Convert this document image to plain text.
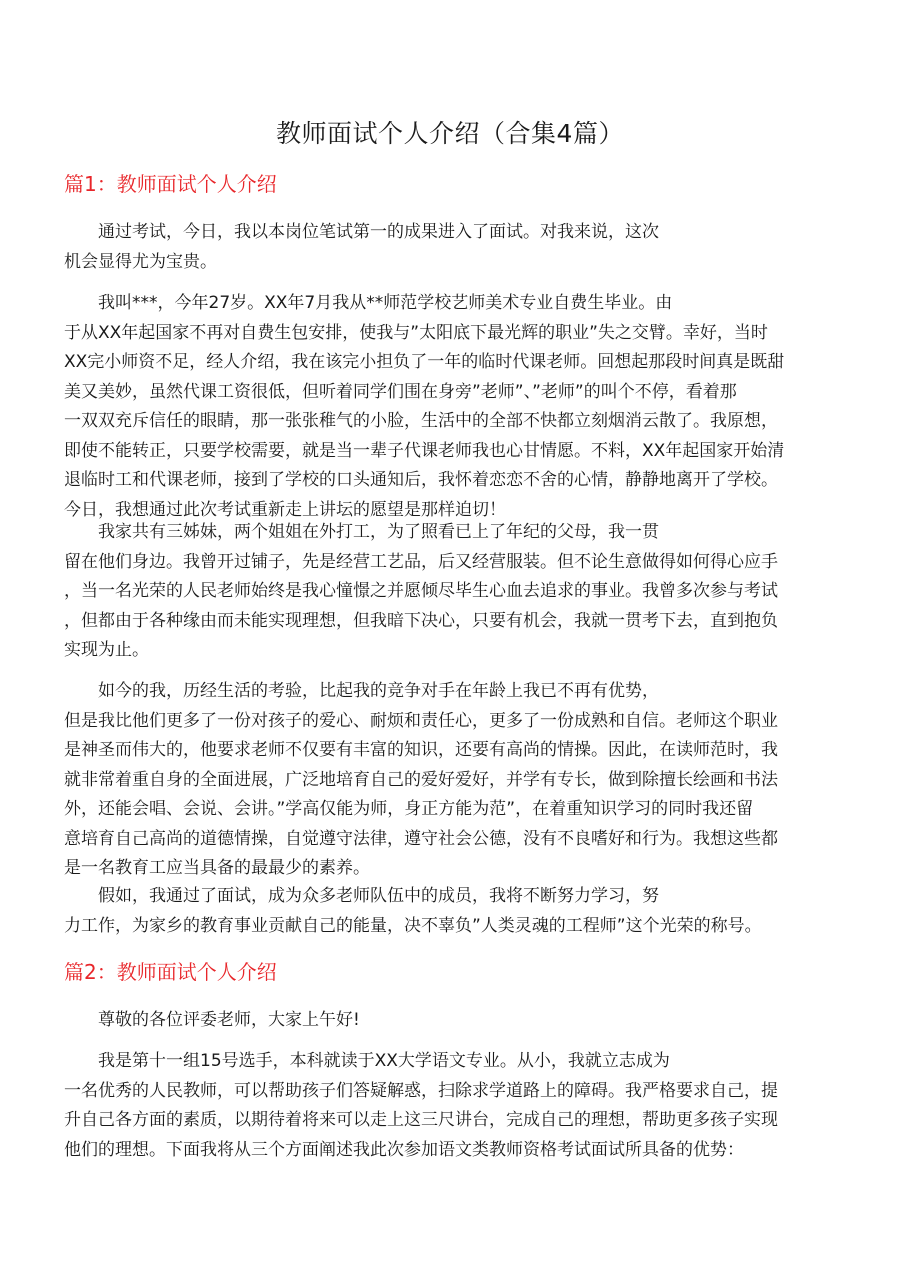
教师面试个人介绍（合集4篇）
篇1：教师面试个人介绍
通过考试，今日，我以本岗位笔试第一的成果进入了面试。对我来说，这次
机会显得尤为宝贵。
我叫***，今年27岁。XX年7月我从**师范学校艺师美术专业自费生毕业。由
于从XX年起国家不再对自费生包安排，使我与”太阳底下最光辉的职业”失之交臂。幸好，当时
XX完小师资不足，经人介绍，我在该完小担负了一年的临时代课老师。回想起那段时间真是既甜
美又美妙，虽然代课工资很低，但听着同学们围在身旁”老师”、”老师”的叫个不停，看着那
一双双充斥信任的眼睛，那一张张稚气的小脸，生活中的全部不快都立刻烟消云散了。我原想，
即使不能转正，只要学校需要，就是当一辈子代课老师我也心甘情愿。不料，XX年起国家开始清
退临时工和代课老师，接到了学校的口头通知后，我怀着恋恋不舍的心情，静静地离开了学校。
今日，我想通过此次考试重新走上讲坛的愿望是那样迫切！
我家共有三姊妹，两个姐姐在外打工，为了照看已上了年纪的父母，我一贯
留在他们身边。我曾开过铺子，先是经营工艺品，后又经营服装。但不论生意做得如何得心应手
，当一名光荣的人民老师始终是我心憧憬之并愿倾尽毕生心血去追求的事业。我曾多次参与考试
，但都由于各种缘由而未能实现理想，但我暗下决心，只要有机会，我就一贯考下去，直到抱负
实现为止。
如今的我，历经生活的考验，比起我的竞争对手在年龄上我已不再有优势，
但是我比他们更多了一份对孩子的爱心、耐烦和责任心，更多了一份成熟和自信。老师这个职业
是神圣而伟大的，他要求老师不仅要有丰富的知识，还要有高尚的情操。因此，在读师范时，我
就非常着重自身的全面进展，广泛地培育自己的爱好爱好，并学有专长，做到除擅长绘画和书法
外，还能会唱、会说、会讲。”学高仅能为师，身正方能为范”，在着重知识学习的同时我还留
意培育自己高尚的道德情操，自觉遵守法律，遵守社会公德，没有不良嗜好和行为。我想这些都
是一名教育工应当具备的最最少的素养。
假如，我通过了面试，成为众多老师队伍中的成员，我将不断努力学习，努
力工作，为家乡的教育事业贡献自己的能量，决不辜负”人类灵魂的工程师”这个光荣的称号。
篇2：教师面试个人介绍
尊敬的各位评委老师，大家上午好!
我是第十一组15号选手，本科就读于XX大学语文专业。从小，我就立志成为
一名优秀的人民教师，可以帮助孩子们答疑解惑，扫除求学道路上的障碍。我严格要求自己，提
升自己各方面的素质，以期待着将来可以走上这三尺讲台，完成自己的理想，帮助更多孩子实现
他们的理想。下面我将从三个方面阐述我此次参加语文类教师资格考试面试所具备的优势：
